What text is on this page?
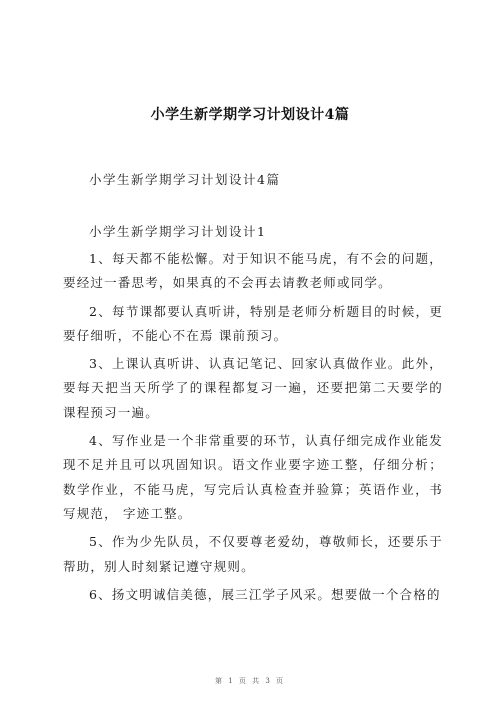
小学生新学期学习计划设计4篇

小学生新学期学习计划设计4篇

小学生新学期学习计划设计1

1、每天都不能松懈。对于知识不能马虎，有不会的问题，要经过一番思考，如果真的不会再去请教老师或同学。

2、每节课都要认真听讲，特别是老师分析题目的时候，更要仔细听，不能心不在焉 课前预习。

3、上课认真听讲、认真记笔记、回家认真做作业。此外，要每天把当天所学了的课程都复习一遍，还要把第二天要学的课程预习一遍。

4、写作业是一个非常重要的环节，认真仔细完成作业能发现不足并且可以巩固知识。语文作业要字迹工整，仔细分析；数学作业，不能马虎，写完后认真检查并验算；英语作业，书写规范， 字迹工整。

5、作为少先队员，不仅要尊老爱幼，尊敬师长，还要乐于帮助，别人时刻紧记遵守规则。

6、扬文明诚信美德，展三江学子风采。想要做一个合格的

第 1 页 共 3 页
